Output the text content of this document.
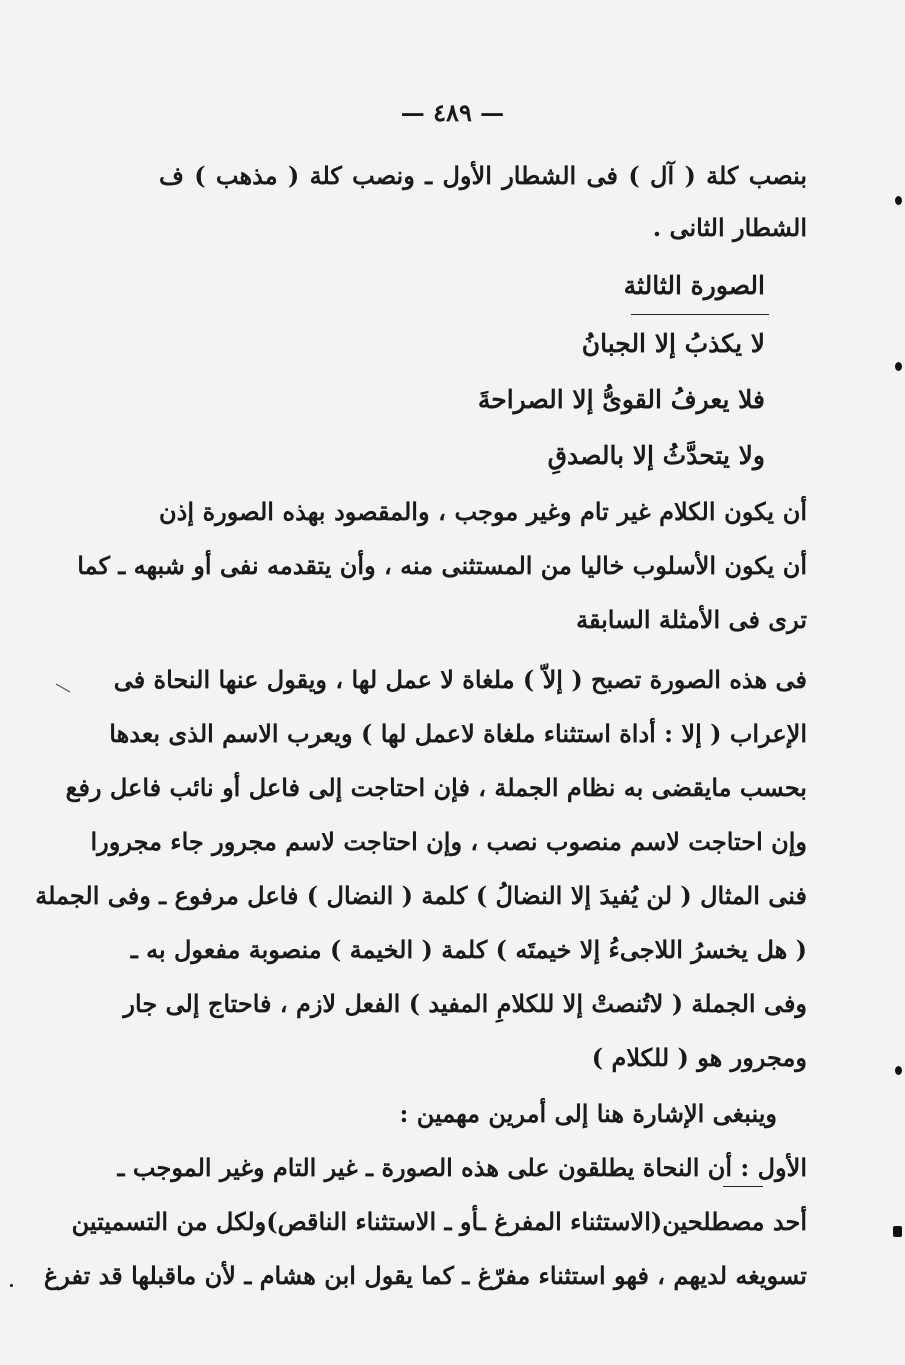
— ٤٨٩ —
بنصب كلة ( آل ) فى الشطار الأول ـ ونصب كلة ( مذهب ) ف
الشطار الثانى .
الصورة الثالثة
لا يكذبُ إلا الجبانُ
فلا يعرفُ القوىُّ إلا الصراحةَ
ولا يتحدَّثُ إلا بالصدقِ
أن يكون الكلام غير تام وغير موجب ، والمقصود بهذه الصورة إذن
أن يكون الأسلوب خاليا من المستثنى منه ، وأن يتقدمه نفى أو شبهه ـ كما
ترى فى الأمثلة السابقة
فى هذه الصورة تصبح ( إلاّ ) ملغاة لا عمل لها ، ويقول عنها النحاة فى
الإعراب ( إلا : أداة استثناء ملغاة لاعمل لها ) ويعرب الاسم الذى بعدها
بحسب مايقضى به نظام الجملة ، فإن احتاجت إلى فاعل أو نائب فاعل رفع
وإن احتاجت لاسم منصوب نصب ، وإن احتاجت لاسم مجرور جاء مجرورا
فنى المثال ( لن يُفيدَ إلا النضالُ ) كلمة ( النضال ) فاعل مرفوع ـ وفى الجملة
( هل يخسرُ اللاجىءُ إلا خيمتَه ) كلمة ( الخيمة ) منصوبة مفعول به ـ
وفى الجملة ( لاتُنصتْ إلا للكلامِ المفيد ) الفعل لازم ، فاحتاج إلى جار
ومجرور هو ( للكلام )
وينبغى الإشارة هنا إلى أمرين مهمين :
الأول : أن النحاة يطلقون على هذه الصورة ـ غير التام وغير الموجب ـ
أحد مصطلحين(الاستثناء المفرغ ـأو ـ الاستثناء الناقص)ولكل من التسميتين
تسويغه لديهم ، فهو استثناء مفرّغ ـ كما يقول ابن هشام ـ لأن ماقبلها قد تفرغ
